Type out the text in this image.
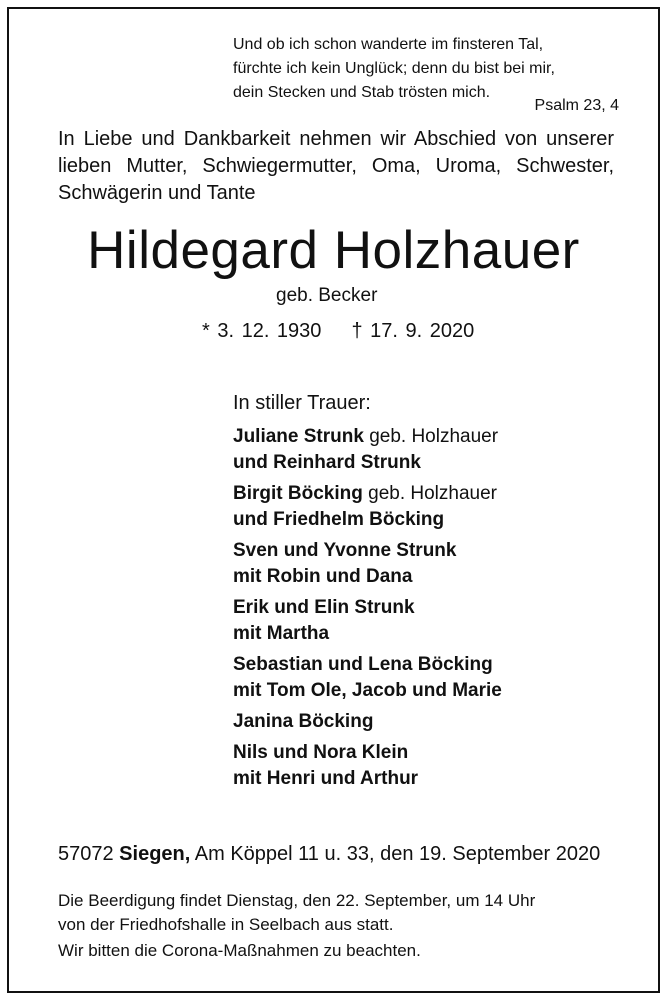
Und ob ich schon wanderte im finsteren Tal,
fürchte ich kein Unglück; denn du bist bei mir,
dein Stecken und Stab trösten mich.
Psalm 23, 4
In Liebe und Dankbarkeit nehmen wir Abschied von unserer
lieben Mutter, Schwiegermutter, Oma, Uroma, Schwester,
Schwägerin und Tante
Hildegard Holzhauer
geb. Becker
* 3. 12. 1930 † 17. 9. 2020
In stiller Trauer:
Juliane Strunk geb. Holzhauer
und Reinhard Strunk
Birgit Böcking geb. Holzhauer
und Friedhelm Böcking
Sven und Yvonne Strunk
mit Robin und Dana
Erik und Elin Strunk
mit Martha
Sebastian und Lena Böcking
mit Tom Ole, Jacob und Marie
Janina Böcking
Nils und Nora Klein
mit Henri und Arthur
57072 Siegen, Am Köppel 11 u. 33, den 19. September 2020
Die Beerdigung findet Dienstag, den 22. September, um 14 Uhr
von der Friedhofshalle in Seelbach aus statt.
Wir bitten die Corona-Maßnahmen zu beachten.
